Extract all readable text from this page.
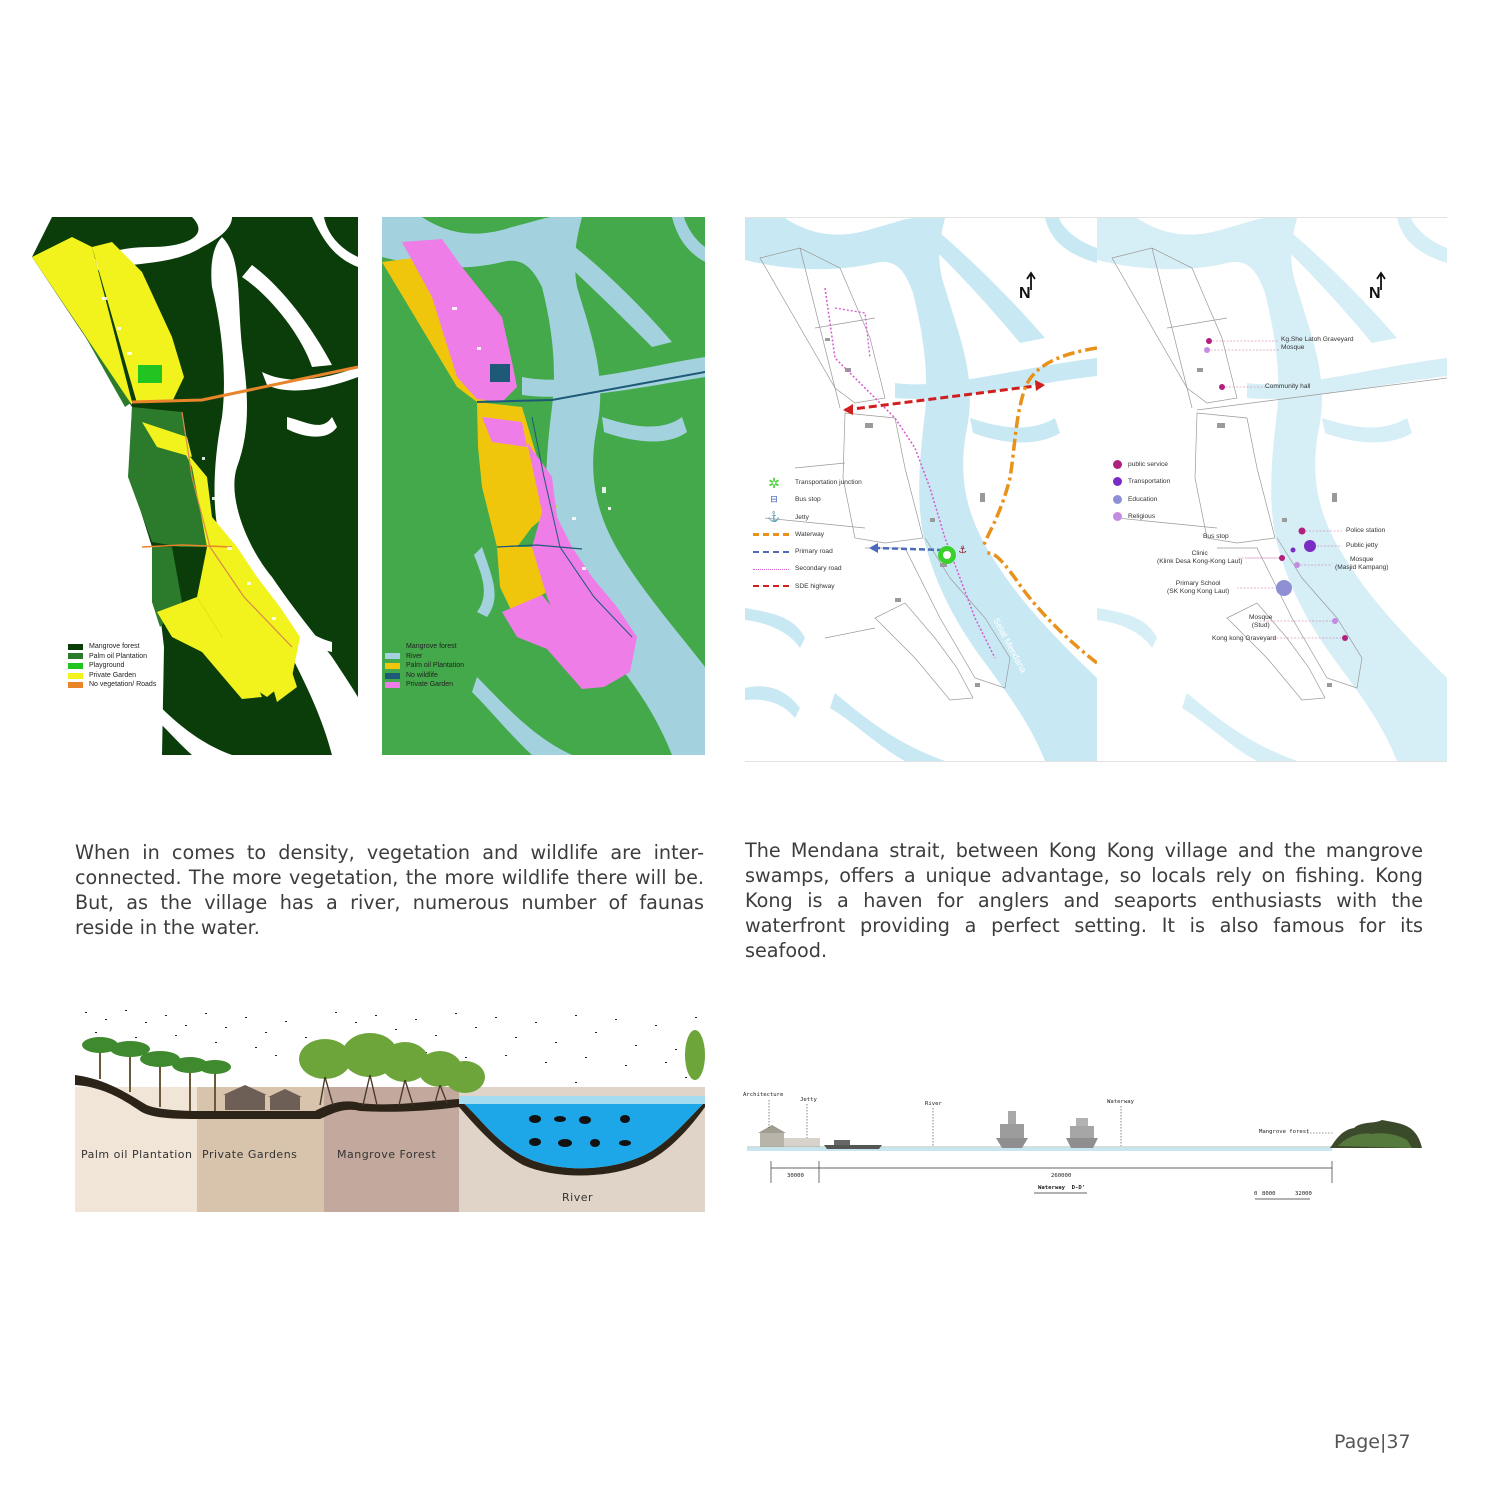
Mangrove forest
Palm oil Plantation
Playground
Private Garden
No vegetation/ Roads
Mangrove forest
River
Palm oil Plantation
No wildlife
Private Garden
⚓
N
Selat Mendana
✲	Transportation junction
⊟	Bus stop
⚓	Jetty
Waterway
Primary road
Secondary road
SDE highway
N
public service
Transportation
Education
Religious
Kg.She Latoh Graveyard
Mosque
Community hall
Police station
Public jetty
Mosque
(Masjid Kampang)
Bus stop
Clinic
(Klink Desa Kong-Kong Laut)
Primary School
(SK Kong Kong Laut)
Mosque
(Stud)
Kong kong Graveyard
When in comes to density, vegetation and wildlife are inter-connected. The more vegetation, the more wildlife there will be. But, as the village has a river, numerous number of faunas reside in the water.
The Mendana strait, between Kong Kong village and the mangrove swamps, offers a unique advantage, so locals rely on fishing. Kong Kong is a haven for anglers and seaports enthusiasts with the waterfront providing a perfect setting. It is also famous for its seafood.
Palm oil Plantation Private Gardens	Mangrove Forest
River
Architecture
Jetty
River	Waterway
Mangrove forest
30000	260000
Waterway  D-D'
0 8000	32000
Page|37
